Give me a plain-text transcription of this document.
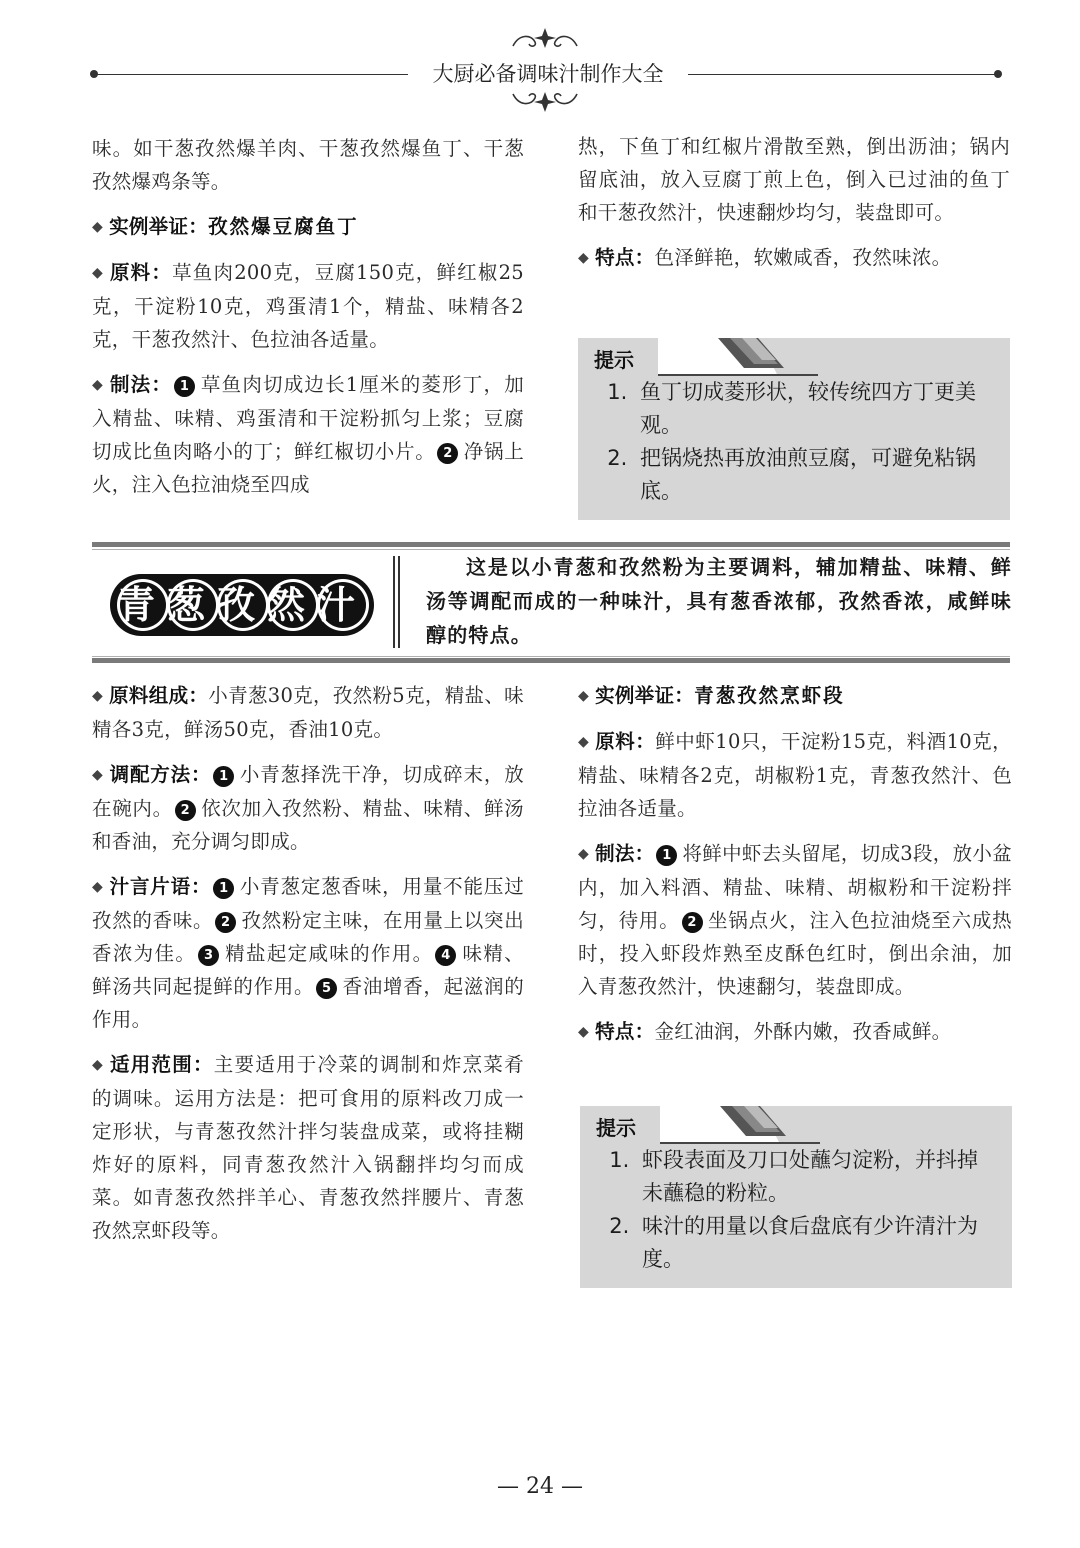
大厨必备调味汁制作大全

味。如干葱孜然爆羊肉、干葱孜然爆鱼丁、干葱孜然爆鸡条等。

◆ 实例举证：孜然爆豆腐鱼丁

◆ 原料：草鱼肉200克，豆腐150克，鲜红椒25克，干淀粉10克，鸡蛋清1个，精盐、味精各2克，干葱孜然汁、色拉油各适量。

◆ 制法： 1 草鱼肉切成边长1厘米的菱形丁，加入精盐、味精、鸡蛋清和干淀粉抓匀上浆；豆腐切成比鱼肉略小的丁；鲜红椒切小片。 2 净锅上火，注入色拉油烧至四成

热，下鱼丁和红椒片滑散至熟，倒出沥油；锅内留底油，放入豆腐丁煎上色，倒入已过油的鱼丁和干葱孜然汁，快速翻炒均匀，装盘即可。

◆ 特点：色泽鲜艳，软嫩咸香，孜然味浓。

提示
1. 鱼丁切成菱形状，较传统四方丁更美观。
2. 把锅烧热再放油煎豆腐，可避免粘锅底。
青葱孜然汁
这是以小青葱和孜然粉为主要调料，辅加精盐、味精、鲜汤等调配而成的一种味汁，具有葱香浓郁，孜然香浓，咸鲜味醇的特点。

◆ 原料组成：小青葱30克，孜然粉5克，精盐、味精各3克，鲜汤50克，香油10克。

◆ 调配方法： 1 小青葱择洗干净，切成碎末，放在碗内。 2 依次加入孜然粉、精盐、味精、鲜汤和香油，充分调匀即成。

◆ 汁言片语： 1 小青葱定葱香味，用量不能压过孜然的香味。 2 孜然粉定主味，在用量上以突出香浓为佳。 3 精盐起定咸味的作用。 4 味精、鲜汤共同起提鲜的作用。 5 香油增香，起滋润的作用。

◆ 适用范围：主要适用于冷菜的调制和炸烹菜肴的调味。运用方法是：把可食用的原料改刀成一定形状，与青葱孜然汁拌匀装盘成菜，或将挂糊炸好的原料，同青葱孜然汁入锅翻拌均匀而成菜。如青葱孜然拌羊心、青葱孜然拌腰片、青葱孜然烹虾段等。

◆ 实例举证：青葱孜然烹虾段

◆ 原料：鲜中虾10只，干淀粉15克，料酒10克，精盐、味精各2克，胡椒粉1克，青葱孜然汁、色拉油各适量。

◆ 制法： 1 将鲜中虾去头留尾，切成3段，放小盆内，加入料酒、精盐、味精、胡椒粉和干淀粉拌匀，待用。 2 坐锅点火，注入色拉油烧至六成热时，投入虾段炸熟至皮酥色红时，倒出余油，加入青葱孜然汁，快速翻匀，装盘即成。

◆ 特点：金红油润，外酥内嫩，孜香咸鲜。

提示
1. 虾段表面及刀口处蘸匀淀粉，并抖掉未蘸稳的粉粒。
2. 味汁的用量以食后盘底有少许清汁为度。
— 24 —
